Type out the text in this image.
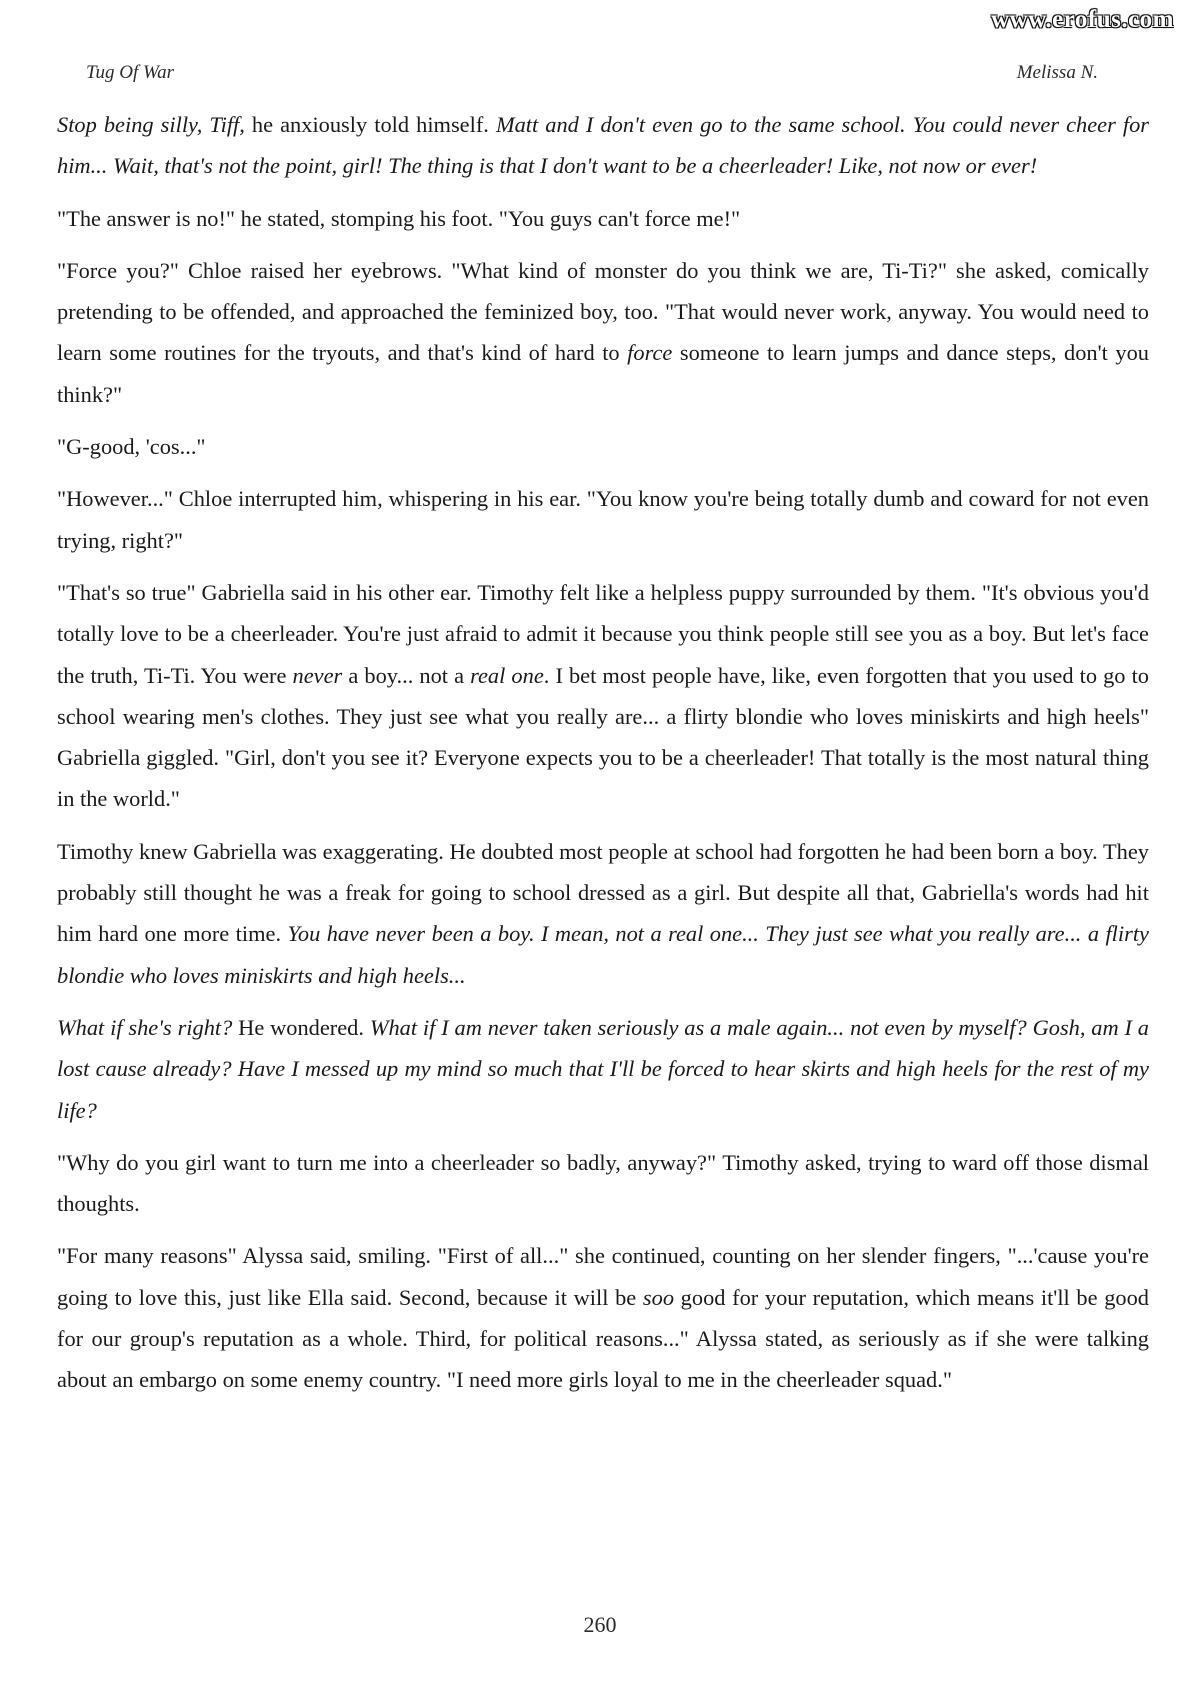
www.erofus.com
Tug Of War	Melissa N.

Stop being silly, Tiff, he anxiously told himself. Matt and I don't even go to the same school. You could never cheer for him... Wait, that's not the point, girl! The thing is that I don't want to be a cheerleader! Like, not now or ever!

"The answer is no!" he stated, stomping his foot. "You guys can't force me!"

"Force you?" Chloe raised her eyebrows. "What kind of monster do you think we are, Ti-Ti?" she asked, comically pretending to be offended, and approached the feminized boy, too. "That would never work, anyway. You would need to learn some routines for the tryouts, and that's kind of hard to force someone to learn jumps and dance steps, don't you think?"

"G-good, 'cos..."

"However..." Chloe interrupted him, whispering in his ear. "You know you're being totally dumb and coward for not even trying, right?"

"That's so true" Gabriella said in his other ear. Timothy felt like a helpless puppy surrounded by them. "It's obvious you'd totally love to be a cheerleader. You're just afraid to admit it because you think people still see you as a boy. But let's face the truth, Ti-Ti. You were never a boy... not a real one. I bet most people have, like, even forgotten that you used to go to school wearing men's clothes. They just see what you really are... a flirty blondie who loves miniskirts and high heels" Gabriella giggled. "Girl, don't you see it? Everyone expects you to be a cheerleader! That totally is the most natural thing in the world."

Timothy knew Gabriella was exaggerating. He doubted most people at school had forgotten he had been born a boy. They probably still thought he was a freak for going to school dressed as a girl. But despite all that, Gabriella's words had hit him hard one more time. You have never been a boy. I mean, not a real one... They just see what you really are... a flirty blondie who loves miniskirts and high heels...

What if she's right? He wondered. What if I am never taken seriously as a male again... not even by myself? Gosh, am I a lost cause already? Have I messed up my mind so much that I'll be forced to hear skirts and high heels for the rest of my life?

"Why do you girl want to turn me into a cheerleader so badly, anyway?" Timothy asked, trying to ward off those dismal thoughts.

"For many reasons" Alyssa said, smiling. "First of all..." she continued, counting on her slender fingers, "...'cause you're going to love this, just like Ella said. Second, because it will be soo good for your reputation, which means it'll be good for our group's reputation as a whole. Third, for political reasons..." Alyssa stated, as seriously as if she were talking about an embargo on some enemy country. "I need more girls loyal to me in the cheerleader squad."

260
